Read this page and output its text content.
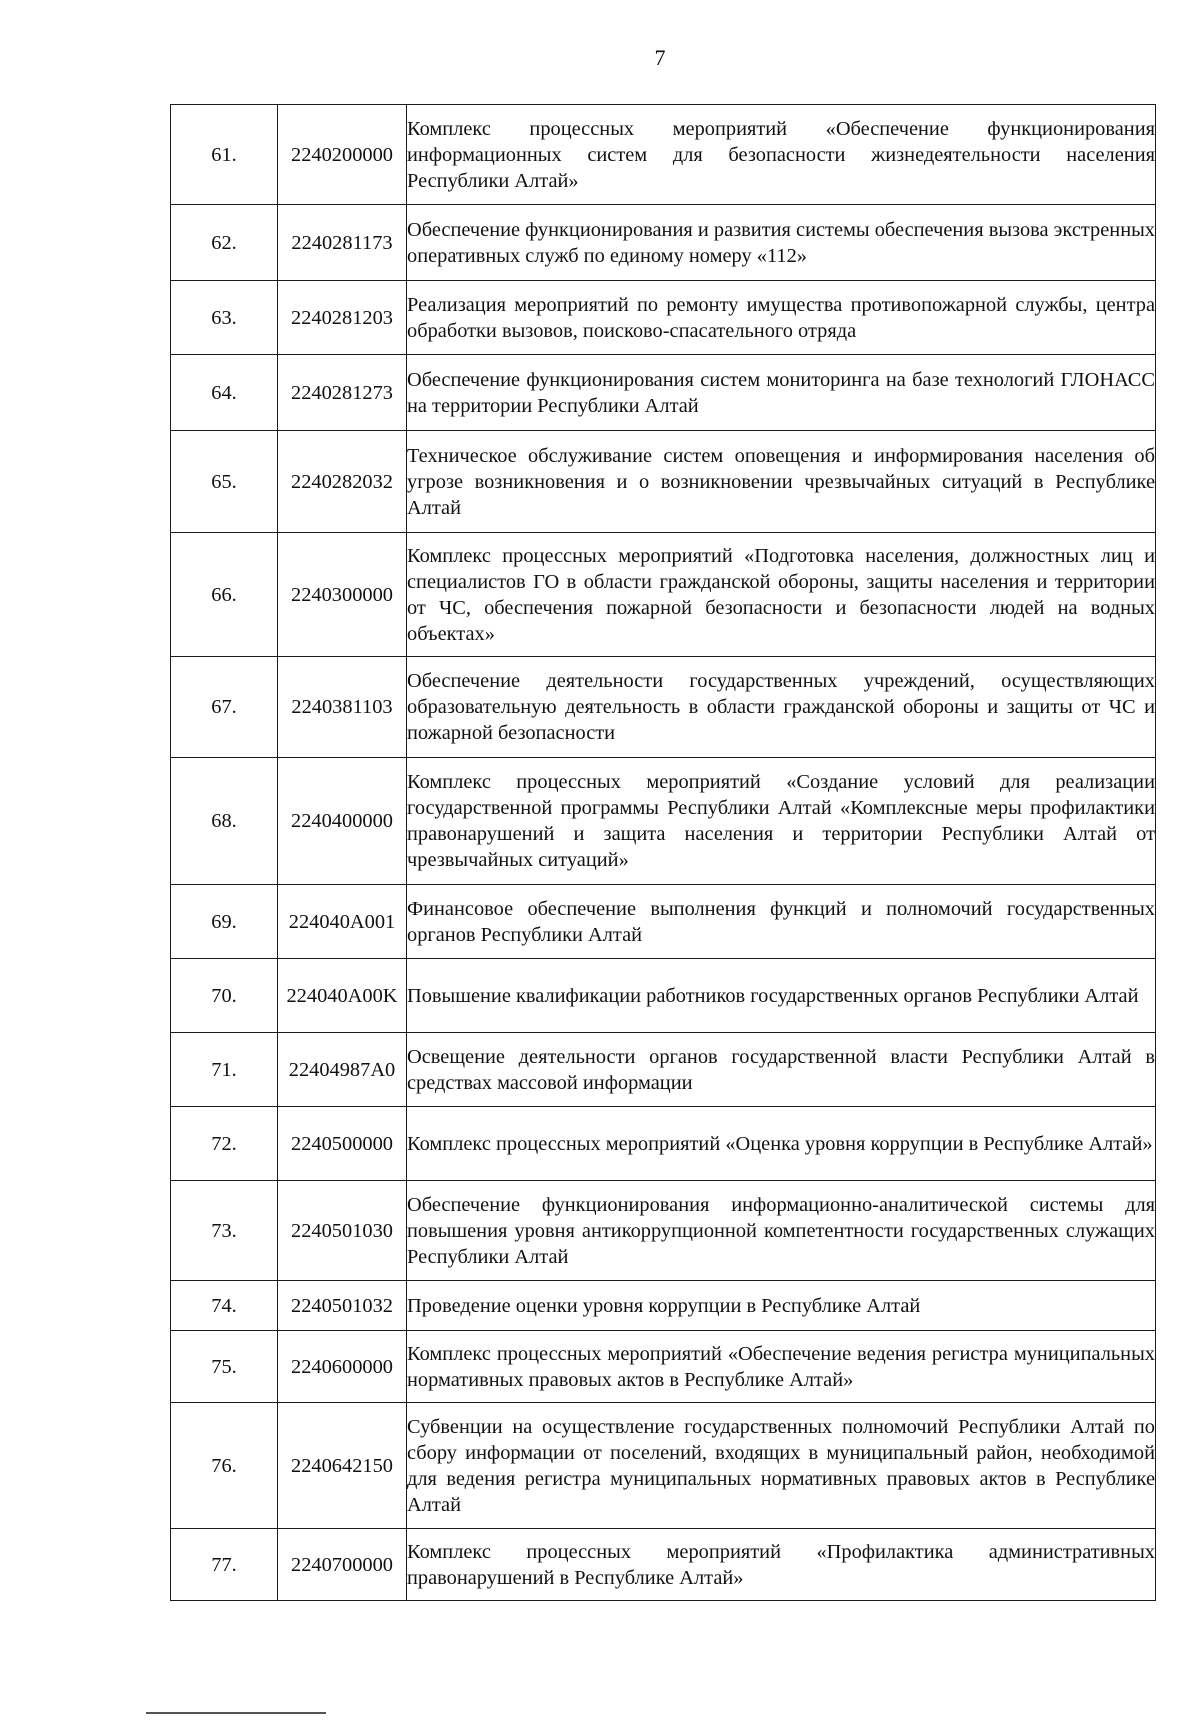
7
61.	2240200000	Комплекс процессных мероприятий «Обеспечение функционирования информационных систем для безопасности жизнедеятельности населения Республики Алтай»
62.	2240281173	Обеспечение функционирования и развития системы обеспечения вызова экстренных оперативных служб по единому номеру «112»
63.	2240281203	Реализация мероприятий по ремонту имущества противопожарной службы, центра обработки вызовов, поисково-спасательного отряда
64.	2240281273	Обеспечение функционирования систем мониторинга на базе технологий ГЛОНАСС на территории Республики Алтай
65.	2240282032	Техническое обслуживание систем оповещения и информирования населения об угрозе возникновения и о возникновении чрезвычайных ситуаций в Республике Алтай
66.	2240300000	Комплекс процессных мероприятий «Подготовка населения, должностных лиц и специалистов ГО в области гражданской обороны, защиты населения и территории от ЧС, обеспечения пожарной безопасности и безопасности людей на водных объектах»
67.	2240381103	Обеспечение деятельности государственных учреждений, осуществляющих образовательную деятельность в области гражданской обороны и защиты от ЧС и пожарной безопасности
68.	2240400000	Комплекс процессных мероприятий «Создание условий для реализации государственной программы Республики Алтай «Комплексные меры профилактики правонарушений и защита населения и территории Республики Алтай от чрезвычайных ситуаций»
69.	224040A001	Финансовое обеспечение выполнения функций и полномочий государственных органов Республики Алтай
70.	224040A00K	Повышение квалификации работников государственных органов Республики Алтай
71.	22404987A0	Освещение деятельности органов государственной власти Республики Алтай в средствах массовой информации
72.	2240500000	Комплекс процессных мероприятий «Оценка уровня коррупции в Республике Алтай»
73.	2240501030	Обеспечение функционирования информационно-аналитической системы для повышения уровня антикоррупционной компетентности государственных служащих Республики Алтай
74.	2240501032	Проведение оценки уровня коррупции в Республике Алтай
75.	2240600000	Комплекс процессных мероприятий «Обеспечение ведения регистра муниципальных нормативных правовых актов в Республике Алтай»
76.	2240642150	Субвенции на осуществление государственных полномочий Республики Алтай по сбору информации от поселений, входящих в муниципальный район, необходимой для ведения регистра муниципальных нормативных правовых актов в Республике Алтай
77.	2240700000	Комплекс процессных мероприятий «Профилактика административных правонарушений в Республике Алтай»
